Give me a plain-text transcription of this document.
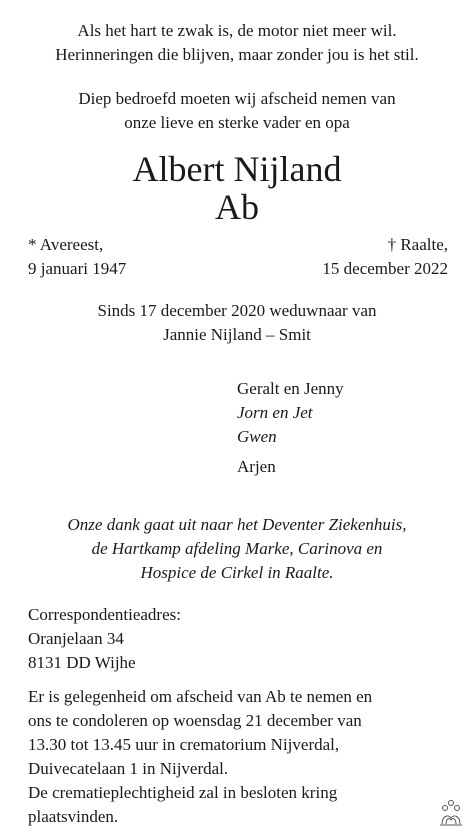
Als het hart te zwak is, de motor niet meer wil.
Herinneringen die blijven, maar zonder jou is het stil.
Diep bedroefd moeten wij afscheid nemen van
onze lieve en sterke vader en opa
Albert Nijland
Ab
* Avereest,
9 januari 1947
† Raalte,
15 december 2022
Sinds 17 december 2020 weduwnaar van
Jannie Nijland – Smit
Geralt en Jenny
Jorn en Jet
Gwen
Arjen
Onze dank gaat uit naar het Deventer Ziekenhuis,
de Hartkamp afdeling Marke, Carinova en
Hospice de Cirkel in Raalte.
Correspondentieadres:
Oranjelaan 34
8131 DD Wijhe
Er is gelegenheid om afscheid van Ab te nemen en
ons te condoleren op woensdag 21 december van
13.30 tot 13.45 uur in crematorium Nijverdal,
Duivecatelaan 1 in Nijverdal.
De crematieplechtigheid zal in besloten kring
plaatsvinden.
